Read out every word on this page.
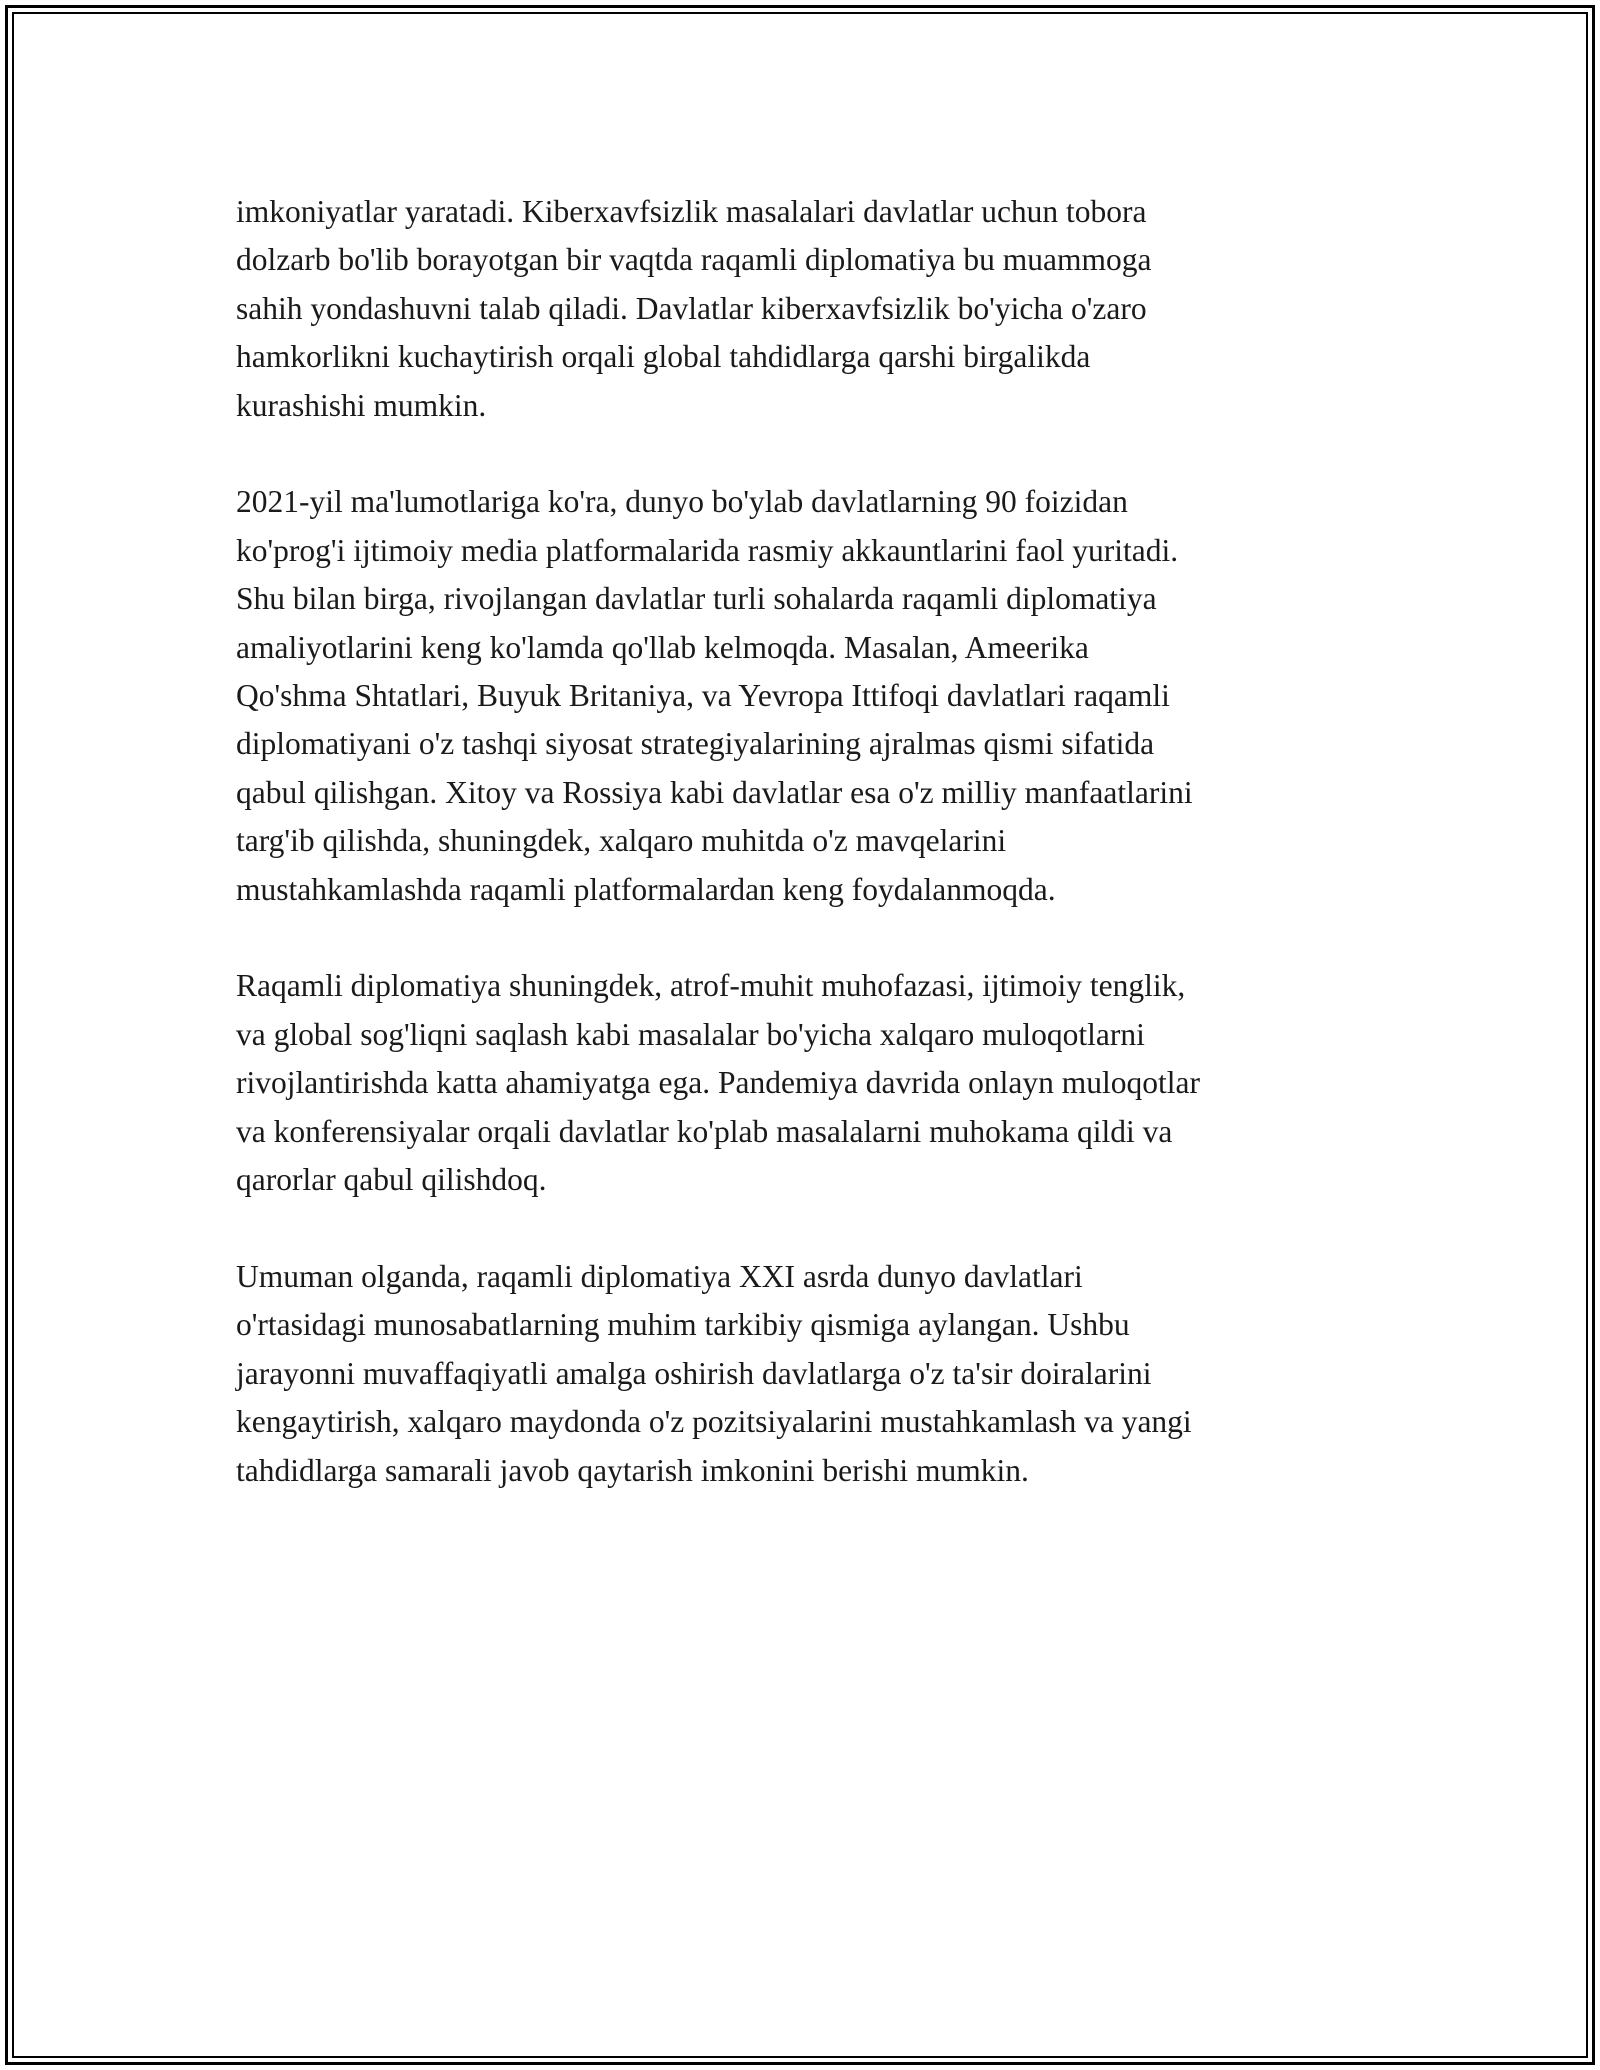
imkoniyatlar yaratadi. Kiberxavfsizlik masalalari davlatlar uchun tobora
dolzarb bo'lib borayotgan bir vaqtda raqamli diplomatiya bu muammoga
sahih yondashuvni talab qiladi. Davlatlar kiberxavfsizlik bo'yicha o'zaro
hamkorlikni kuchaytirish orqali global tahdidlarga qarshi birgalikda
kurashishi mumkin.
2021-yil ma'lumotlariga ko'ra, dunyo bo'ylab davlatlarning 90 foizidan
ko'prog'i ijtimoiy media platformalarida rasmiy akkauntlarini faol yuritadi.
Shu bilan birga, rivojlangan davlatlar turli sohalarda raqamli diplomatiya
amaliyotlarini keng ko'lamda qo'llab kelmoqda. Masalan, Ameerika
Qo'shma Shtatlari, Buyuk Britaniya, va Yevropa Ittifoqi davlatlari raqamli
diplomatiyani o'z tashqi siyosat strategiyalarining ajralmas qismi sifatida
qabul qilishgan. Xitoy va Rossiya kabi davlatlar esa o'z milliy manfaatlarini
targ'ib qilishda, shuningdek, xalqaro muhitda o'z mavqelarini
mustahkamlashda raqamli platformalardan keng foydalanmoqda.
Raqamli diplomatiya shuningdek, atrof-muhit muhofazasi, ijtimoiy tenglik,
va global sog'liqni saqlash kabi masalalar bo'yicha xalqaro muloqotlarni
rivojlantirishda katta ahamiyatga ega. Pandemiya davrida onlayn muloqotlar
va konferensiyalar orqali davlatlar ko'plab masalalarni muhokama qildi va
qarorlar qabul qilishdoq.
Umuman olganda, raqamli diplomatiya XXI asrda dunyo davlatlari
o'rtasidagi munosabatlarning muhim tarkibiy qismiga aylangan. Ushbu
jarayonni muvaffaqiyatli amalga oshirish davlatlarga o'z ta'sir doiralarini
kengaytirish, xalqaro maydonda o'z pozitsiyalarini mustahkamlash va yangi
tahdidlarga samarali javob qaytarish imkonini berishi mumkin.
